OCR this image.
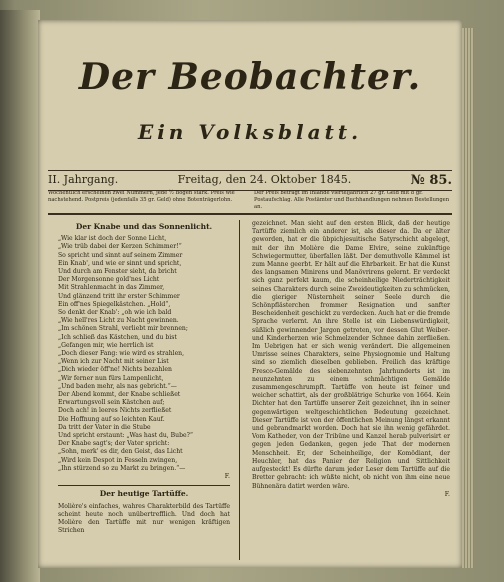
Der Beobachter.
Ein Volksblatt.
II. Jahrgang.	Freitag, den 24. Oktober 1845.	№ 85.
Wöchentlich erscheinen zwei Nummern, jede ½ Bogen stark. Preis wie nachstehend. Postpreis (jedenfalls 35 gr. Geld) ohne Botenträgerlohn.
Der Preis beträgt im Inlande vierteljährlich 27 gr. Geld mit 8 gr. Postaufschlag. Alle Postämter und Buchhandlungen nehmen Bestellungen an.
Der Knabe und das Sonnenlicht.
„Wie klar ist doch der Sonne Licht,
„Wie trüb dabei der Kerzen Schimmer!“
So spricht und sinnt auf seinem Zimmer
Ein Knab', und wie er sinnt und spricht,
Und durch am Fenster sieht, da bricht
Der Morgensonne gold'nes Licht
Mit Strahlenmacht in das Zimmer,
Und glänzend tritt ihr erster Schimmer
Ein off'nes Spiegelkästchen. „Hold“,
So denkt der Knab': „oh wie ich bald
„Wie hell'res Licht zu Nacht gewinnen.
„Im schönen Strahl, verliebt mir brennen;
„Ich schließ das Kästchen, und du bist
„Gefangen mir, wie herrlich ist
„Doch dieser Fang: wie wird es strahlen,
„Wenn ich zur Nacht mit seiner List
„Dich wieder öff'ne! Nichts bezahlen
„Wir ferner nun fürs Lampenlicht,
„Und baden mehr, als nas gebricht.“—
Der Abend kommt, der Knabe schließet
Erwartungsvoll sein Kästchen auf;
Doch ach! in leeres Nichts zerfließet
Die Hoffnung auf so leichten Kauf.
Da tritt der Vater in die Stube
Und spricht erstaunt: „Was hast du, Bube?“
Der Knabe sagt's; der Vater spricht:
„Sohn, merk' es dir, den Geist, das Licht
„Wird kein Despot in Fesseln zwingen,
„Ihn stürzend so zu Markt zu bringen.“—
F.
Der heutige Tartüffe.
Molière's einfaches, wahres Charakterbild des Tartüffe scheint heute noch unübertrefflich. Und doch hat Molière den Tartüffe mit nur wenigen kräftigen Strichen
gezeichnet. Man sieht auf den ersten Blick, daß der heutige Tartüffe ziemlich ein anderer ist, als dieser da. Da er älter geworden, hat er die übpichjesuitische Satyrschicht abgelegt, mit der ihn Molière die Dame Elvire, seine zukünftige Schwiegermutter, überfallen läßt. Der demuthvolle Kämmel ist zum Manne geerbt. Er hält auf die Ehrbarkeit. Er hat die Kunst des langsamen Minirens und Manövrirens gelernt. Er verdeckt sich ganz perfekt kaum, die scheinheilige Niederträchtigkeit seines Charakters durch seine Zweideutigkeiten zu schmücken, die gieriger Nüsternheit seiner Seele durch die Schönpflästerchen frommer Resignation und sanfter Bescheidenheit geschickt zu verdecken. Auch hat er die fremde Sprache verlernt. An ihre Stelle ist ein Liebenswürdigkeit, süßlich gewinnender Jargon getreten, vor dessen Glut Weiber- und Kinderherzen wie Schmelzender Schnee dahin zerfließen. Im Uebrigen hat er sich wenig verändert. Die allgemeinen Umrisse seines Charakters, seine Physiognomie und Haltung sind so ziemlich dieselben geblieben. Freilich das kräftige Fresco-Gemälde des siebenzehnten Jahrhunderts ist im neunzehnten zu einem schmächtigen Gemälde zusammengeschrumpft. Tartüffe von heute ist feiner und weicher schattirt, als der großblätrige Schurke von 1664. Kein Dichter hat den Tartüffe unserer Zeit gezeichnet, ihn in seiner gegenwärtigen weltgeschichtlichen Bedeutung gezeichnet. Dieser Tartüffe ist von der öffentlichen Meinung längst erkannt und gebrandmarkt worden. Doch hat sie ihn wenig gefährdet. Vom Katheder, von der Tribüne und Kanzel herab pulverisirt er gegen jeden Gedanken, gegen jede That der modernen Menschheit. Er, der Scheinheilige, der Komödiant, der Heuchler, hat das Panier der Religion und Sittlichkeit aufgesteckt! Es dürfte darum jeder Leser dem Tartüffe auf die Bretter gebracht: ich wüßte nicht, ob nicht von ihm eine neue Bühnenära datirt werden wäre.
F.
